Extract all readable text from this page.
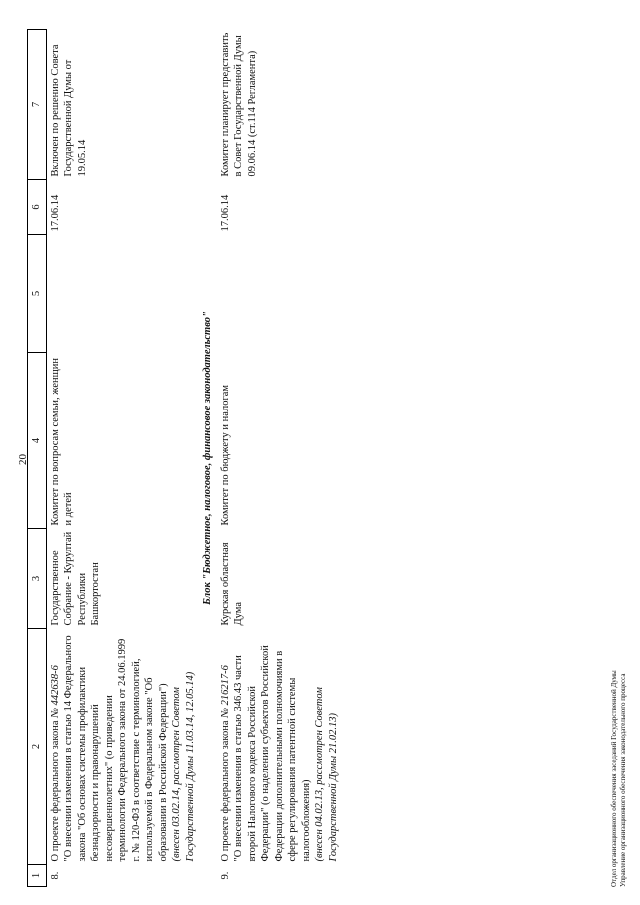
20
1	2	3	4	5	6	7
8.	О проекте федерального закона № 442638-6 "О внесении изменения в статью 14 Федерального закона "Об основах системы профилактики безнадзорности и правонарушений несовершеннолетних" (о приведении терминологии Федерального закона от 24.06.1999 г. № 120-ФЗ в соответствие с терминологией, используемой в Федеральном законе "Об образовании в Российской Федерации") (внесен 03.02.14, рассмотрен Советом Государственной Думы 11.03.14, 12.05.14)	Государственное Собрание - Курултай Республики Башкортостан	Комитет по вопросам семьи, женщин и детей		17.06.14	Включен по решению Совета Государственной Думы от 19.05.14
Блок "Бюджетное, налоговое, финансовое законодательство"						
9.	О проекте федерального закона № 216217-6 "О внесении изменения в статью 346.43 части второй Налогового кодекса Российской Федерации" (о наделении субъектов Российской Федерации дополнительными полномочиями в сфере регулирования патентной системы налогообложения) (внесен 04.02.13, рассмотрен Советом Государственной Думы 21.02.13)	Курская областная Дума	Комитет по бюджету и налогам		17.06.14	Комитет планирует представить в Совет Государственной Думы 09.06.14 (ст.114 Регламента)
Отдел организационного обеспечения заседаний Государственной Думы Управление организационного обеспечения законодательного процесса
